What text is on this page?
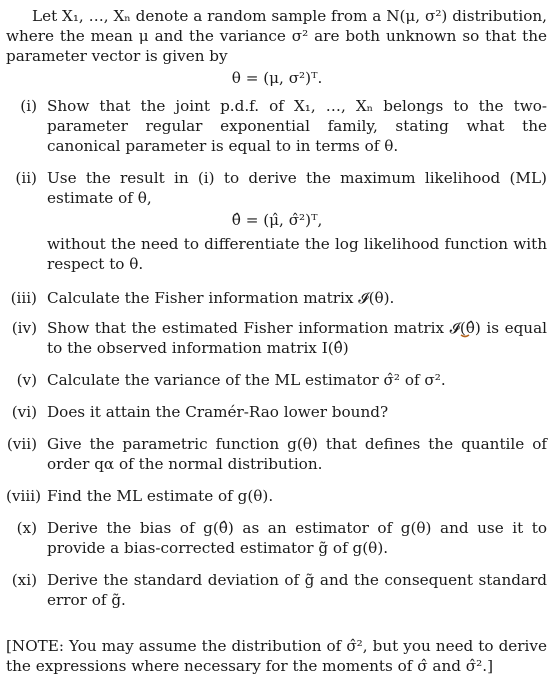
Let X₁, …, Xₙ denote a random sample from a N(μ, σ²) distribution, where the mean μ and the variance σ² are both unknown so that the parameter vector is given by
θ = (μ, σ²)ᵀ.
(i) Show that the joint p.d.f. of X₁, …, Xₙ belongs to the two-parameter regular exponential family, stating what the canonical parameter is equal to in terms of θ.
(ii) Use the result in (i) to derive the maximum likelihood (ML) estimate of θ,
θ̂ = (μ̂, σ̂²)ᵀ,
without the need to differentiate the log likelihood function with respect to θ.
(iii) Calculate the Fisher information matrix 𝓘(θ).
(iv) Show that the estimated Fisher information matrix 𝓘(θ̂) is equal to the observed information matrix I(θ̂)
(v) Calculate the variance of the ML estimator σ̂² of σ².
(vi) Does it attain the Cramér-Rao lower bound?
(vii) Give the parametric function g(θ) that defines the quantile of order qα of the normal distribution.
(viii) Find the ML estimate of g(θ).
(x) Derive the bias of g(θ̂) as an estimator of g(θ) and use it to provide a bias-corrected estimator g̃ of g(θ).
(xi) Derive the standard deviation of g̃ and the consequent standard error of g̃.
[NOTE: You may assume the distribution of σ̂², but you need to derive the expressions where necessary for the moments of σ̂ and σ̂².]
